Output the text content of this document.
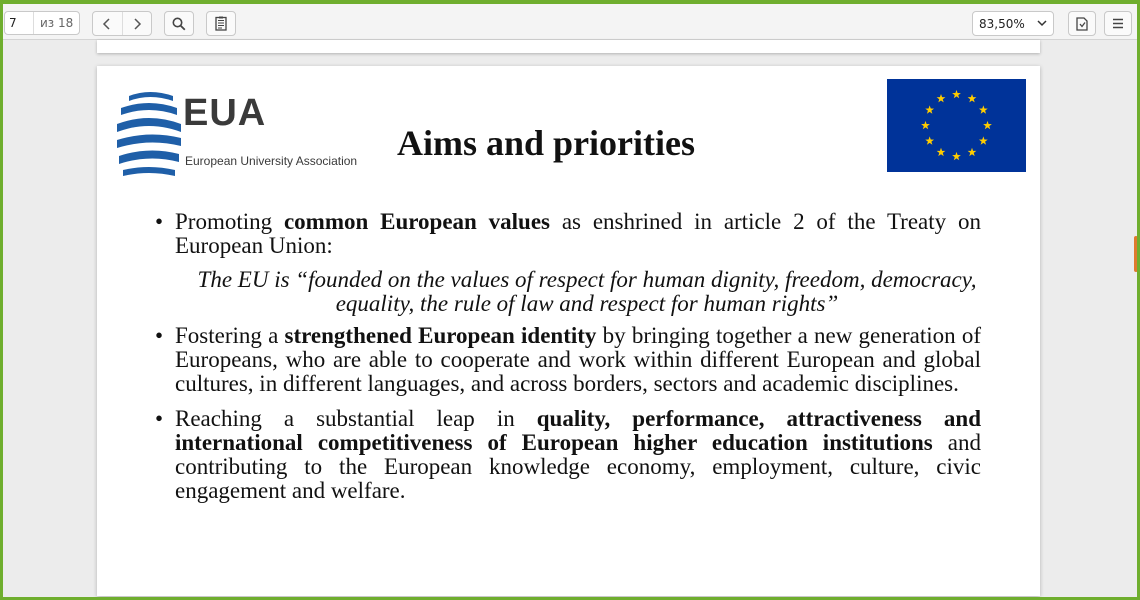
7
из 18	83,50%
EUA
European University Association Aims and priorities
• Promoting common European values as enshrined in article 2 of the Treaty on European Union:
The EU is “founded on the values of respect for human dignity, freedom, democracy, equality, the rule of law and respect for human rights”
• Fostering a strengthened European identity by bringing together a new generation of Europeans, who are able to cooperate and work within different European and global cultures, in different languages, and across borders, sectors and academic disciplines.
• Reaching a substantial leap in quality, performance, attractiveness and international competitiveness of European higher education institutions and contributing to the European knowledge economy, employment, culture, civic engagement and welfare.
